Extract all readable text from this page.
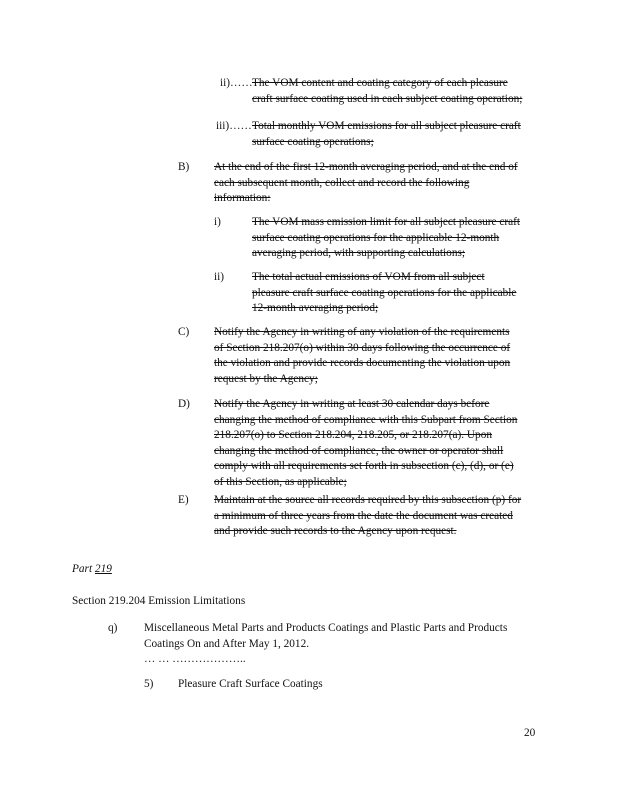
ii)…… The VOM content and coating category of each pleasure
craft surface coating used in each subject coating operation;
iii)…… Total monthly VOM emissions for all subject pleasure craft
surface coating operations;
B) At the end of the first 12-month averaging period, and at the end of
each subsequent month, collect and record the following
information:
i)	The VOM mass emission limit for all subject pleasure craft
surface coating operations for the applicable 12-month
averaging period, with supporting calculations;
ii) The total actual emissions of VOM from all subject
pleasure craft surface coating operations for the applicable
12-month averaging period;
C) Notify the Agency in writing of any violation of the requirements
of Section 218.207(o) within 30 days following the occurrence of
the violation and provide records documenting the violation upon
request by the Agency;
D) Notify the Agency in writing at least 30 calendar days before
changing the method of compliance with this Subpart from Section
218.207(o) to Section 218.204, 218.205, or 218.207(a). Upon
changing the method of compliance, the owner or operator shall
comply with all requirements set forth in subsection (c), (d), or (e)
of this Section, as applicable;
E) Maintain at the source all records required by this subsection (p) for
a minimum of three years from the date the document was created
and provide such records to the Agency upon request.
Part 219
Section 219.204 Emission Limitations
q) Miscellaneous Metal Parts and Products Coatings and Plastic Parts and Products
Coatings On and After May 1, 2012.
… … ………………..
5) Pleasure Craft Surface Coatings
20
